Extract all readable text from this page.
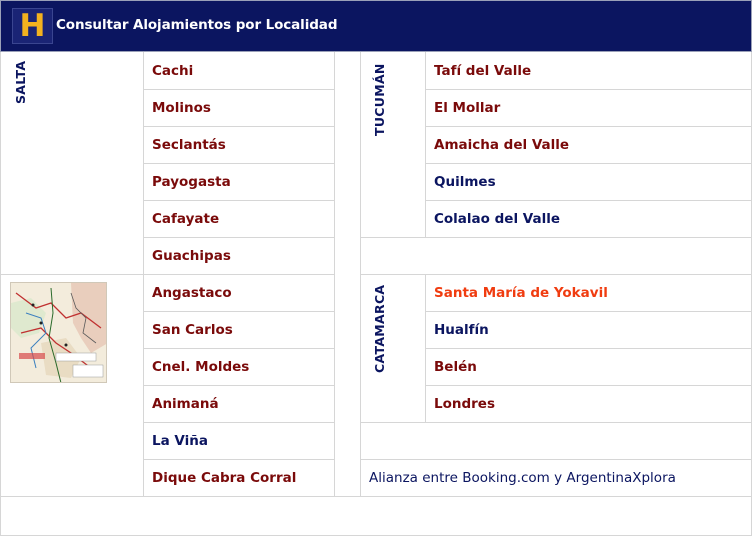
H Consultar Alojamientos por Localidad
SALTA	TUCUMÁN
CATAMARCA
Cachi
Molinos
Seclantás
Payogasta
Cafayate
Guachipas
Angastaco
San Carlos
Cnel. Moldes
Animaná
La Viña
Dique Cabra Corral
Tafí del Valle
El Mollar
Amaicha del Valle
Quilmes
Colalao del Valle
Santa María de Yokavil
Hualfín
Belén
Londres
Alianza entre Booking.com y ArgentinaXplora
